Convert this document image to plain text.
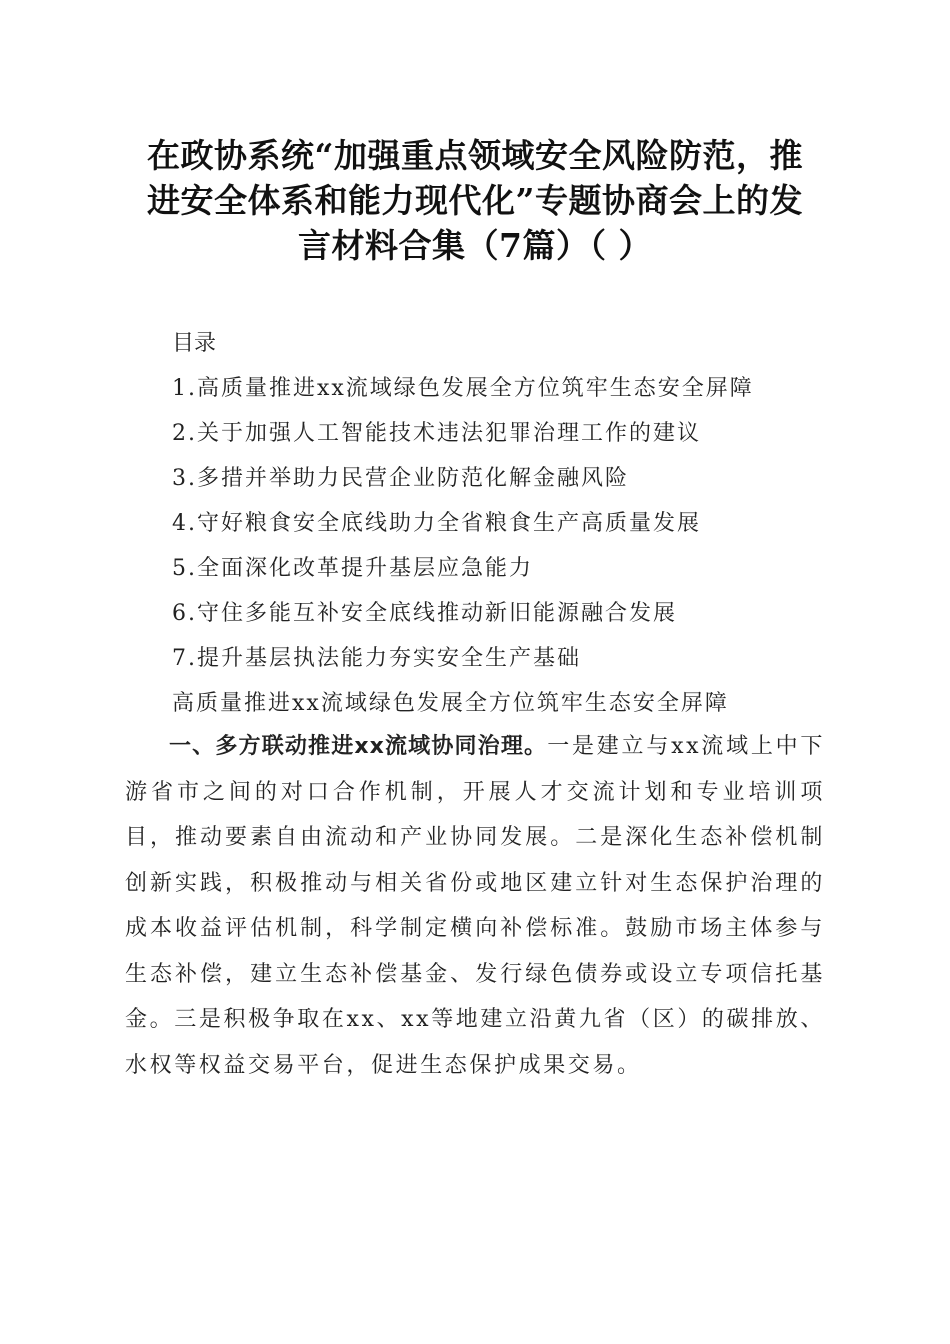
在政协系统“加强重点领域安全风险防范，推
进安全体系和能力现代化”专题协商会上的发
言材料合集（7篇）（ ）
目录
1.高质量推进xx流域绿色发展全方位筑牢生态安全屏障
2.关于加强人工智能技术违法犯罪治理工作的建议
3.多措并举助力民营企业防范化解金融风险
4.守好粮食安全底线助力全省粮食生产高质量发展
5.全面深化改革提升基层应急能力
6.守住多能互补安全底线推动新旧能源融合发展
7.提升基层执法能力夯实安全生产基础
高质量推进xx流域绿色发展全方位筑牢生态安全屏障

一、多方联动推进xx流域协同治理。一是建立与xx流域上中下游省市之间的对口合作机制，开展人才交流计划和专业培训项目，推动要素自由流动和产业协同发展。二是深化生态补偿机制创新实践，积极推动与相关省份或地区建立针对生态保护治理的成本收益评估机制，科学制定横向补偿标准。鼓励市场主体参与生态补偿，建立生态补偿基金、发行绿色债券或设立专项信托基金。三是积极争取在xx、xx等地建立沿黄九省（区）的碳排放、水权等权益交易平台，促进生态保护成果交易。
